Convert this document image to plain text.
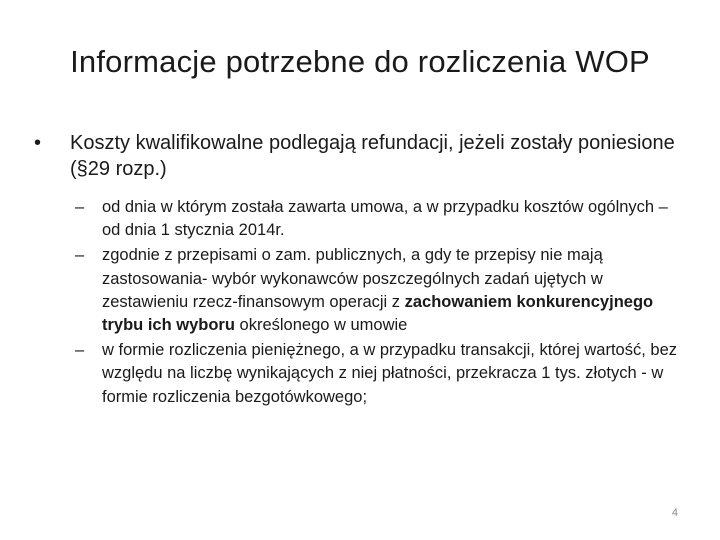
Informacje potrzebne do rozliczenia WOP
•	Koszty kwalifikowalne podlegają refundacji, jeżeli zostały poniesione (§29 rozp.)
– od dnia w którym została zawarta umowa, a w przypadku kosztów ogólnych – od dnia 1 stycznia 2014r.
– zgodnie z przepisami o zam. publicznych, a gdy te przepisy nie mają zastosowania- wybór wykonawców poszczególnych zadań ujętych w zestawieniu rzecz-finansowym operacji z zachowaniem konkurencyjnego trybu ich wyboru określonego w umowie
– w formie rozliczenia pieniężnego, a w przypadku transakcji, której wartość, bez względu na liczbę wynikających z niej płatności, przekracza 1 tys. złotych - w formie rozliczenia bezgotówkowego;
4
